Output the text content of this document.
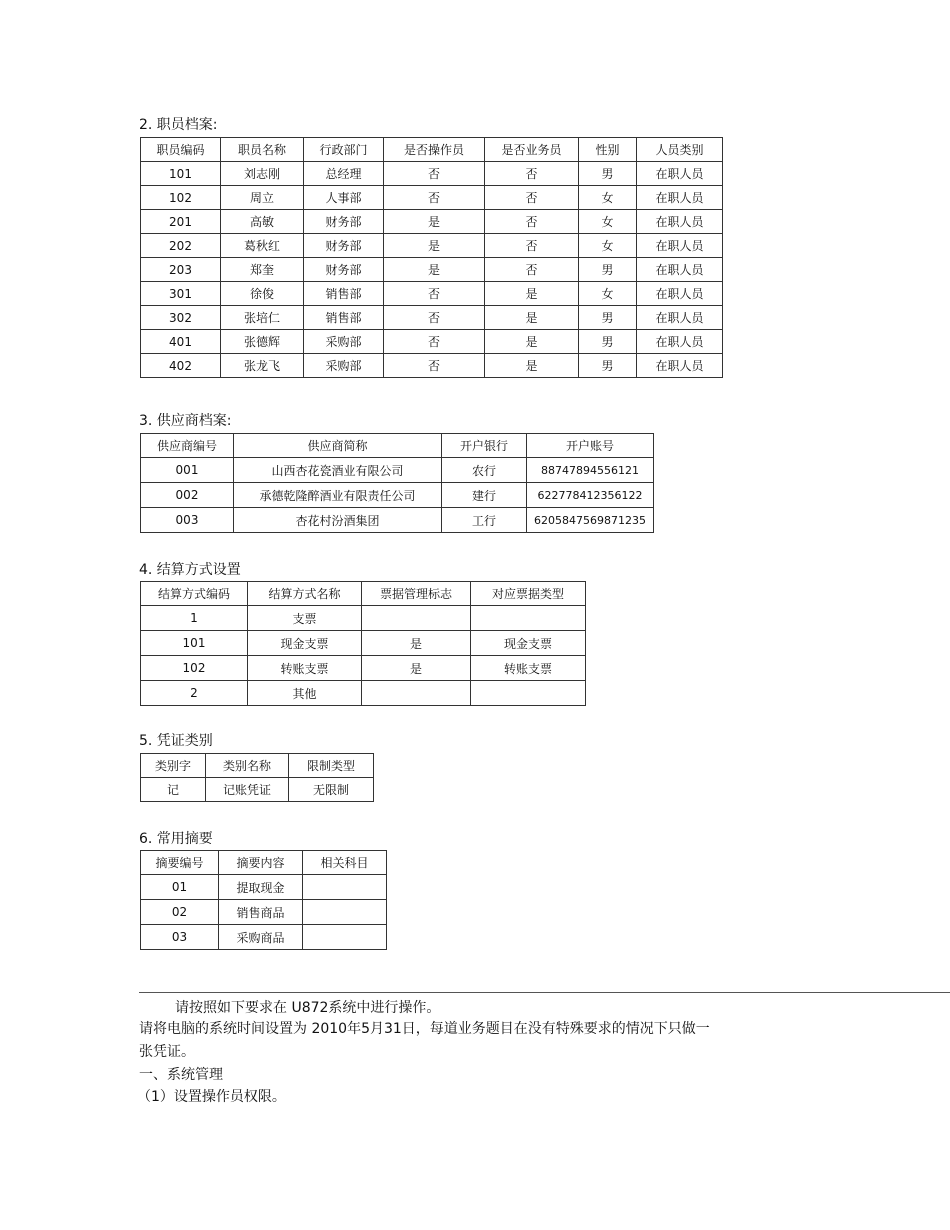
2. 职员档案:
职员编码	职员名称	行政部门	是否操作员	是否业务员	性别	人员类别
101	刘志刚	总经理	否	否	男	在职人员
102	周立	人事部	否	否	女	在职人员
201	高敏	财务部	是	否	女	在职人员
202	葛秋红	财务部	是	否	女	在职人员
203	郑奎	财务部	是	否	男	在职人员
301	徐俊	销售部	否	是	女	在职人员
302	张培仁	销售部	否	是	男	在职人员
401	张德辉	采购部	否	是	男	在职人员
402	张龙飞	采购部	否	是	男	在职人员
3. 供应商档案:
供应商编号	供应商简称	开户银行	开户账号
001	山西杏花瓷酒业有限公司	农行	88747894556121
002	承德乾隆醉酒业有限责任公司	建行	622778412356122
003	杏花村汾酒集团	工行	6205847569871235
4. 结算方式设置
结算方式编码	结算方式名称	票据管理标志	对应票据类型
1	支票		
101	现金支票	是	现金支票
102	转账支票	是	转账支票
2	其他		
5. 凭证类别
类别字	类别名称	限制类型
记	记账凭证	无限制
6. 常用摘要
摘要编号	摘要内容	相关科目
01	提取现金	
02	销售商品	
03	采购商品	
请按照如下要求在 U872系统中进行操作。
请将电脑的系统时间设置为 2010年5月31日，每道业务题目在没有特殊要求的情况下只做一
张凭证。
一、系统管理
（1）设置操作员权限。
